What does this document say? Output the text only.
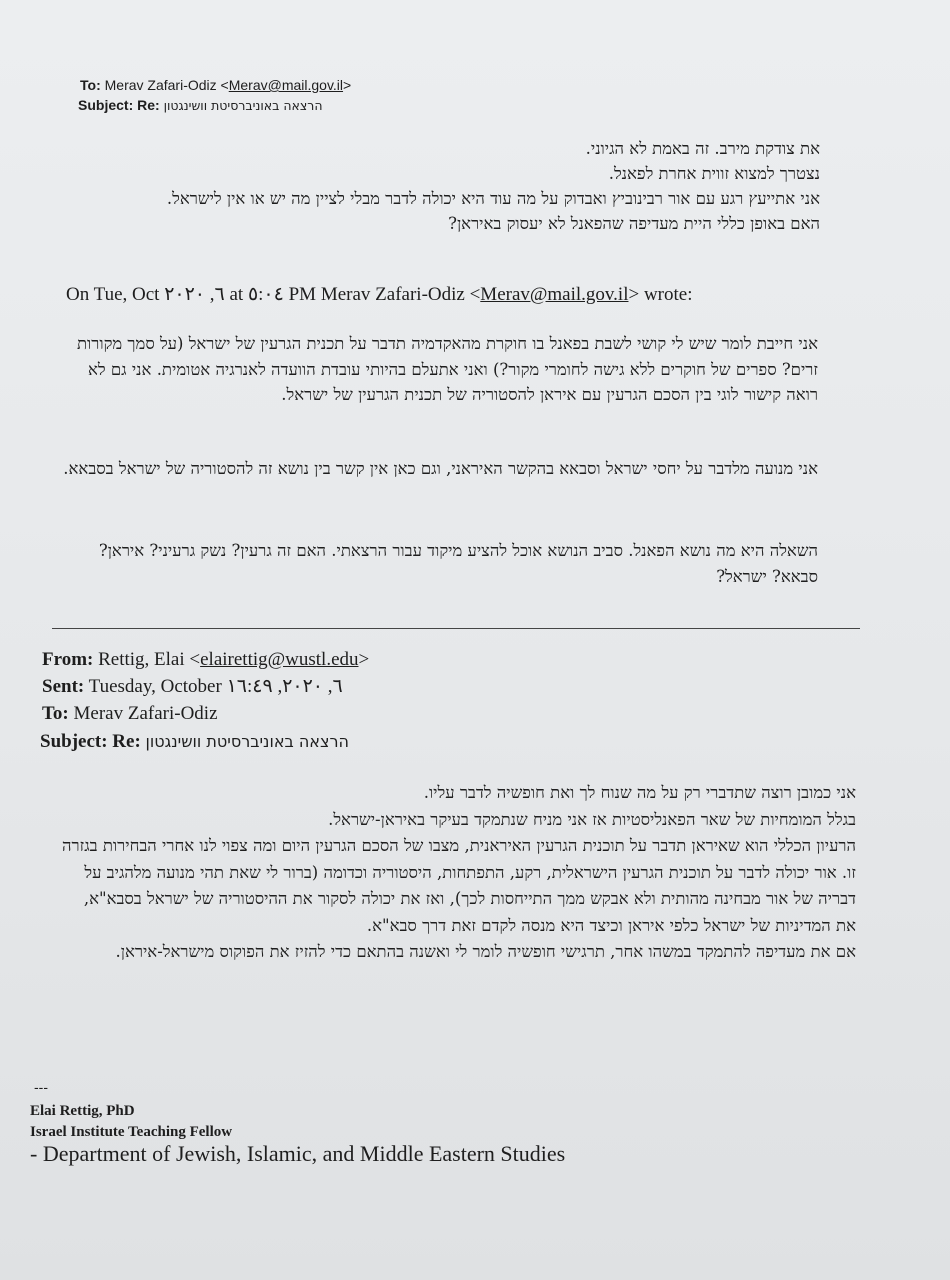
To: Merav Zafari-Odiz <Merav@mail.gov.il>
Subject: Re: הרצאה באוניברסיטת וושינגטון

את צודקת מירב. זה באמת לא הגיוני.

נצטרך למצוא זווית אחרת לפאנל.

אני אתייעץ רגע עם אור רבינוביץ ואבדוק על מה עוד היא יכולה לדבר מבלי לציין מה יש או אין לישראל.

האם באופן כללי היית מעדיפה שהפאנל לא יעסוק באיראן?

On Tue, Oct ٦, ٢٠٢٠ at ٥:٠٤ PM Merav Zafari-Odiz <Merav@mail.gov.il> wrote:
אני חייבת לומר שיש לי קושי לשבת בפאנל בו חוקרת מהאקדמיה תדבר על תכנית הגרעין של ישראל (על סמך מקורות זרים? ספרים של חוקרים ללא גישה לחומרי מקור?) ואני אתעלם בהיותי עובדת הוועדה לאנרגיה אטומית. אני גם לא רואה קישור לוגי בין הסכם הגרעין עם איראן להסטוריה של תכנית הגרעין של ישראל.
אני מנועה מלדבר על יחסי ישראל וסבאא בהקשר האיראני, וגם כאן אין קשר בין נושא זה להסטוריה של ישראל בסבאא.
השאלה היא מה נושא הפאנל. סביב הנושא אוכל להציע מיקוד עבור הרצאתי. האם זה גרעין? נשק גרעיני? איראן? סבאא? ישראל?
From: Rettig, Elai <elairettig@wustl.edu>
Sent: Tuesday, October ٦, ٢٠٢٠, ١٦:٤٩
To: Merav Zafari-Odiz
Subject: Re: הרצאה באוניברסיטת וושינגטון

אני כמובן רוצה שתדברי רק על מה שנוח לך ואת חופשיה לדבר עליו.

בגלל המומחיות של שאר הפאנליסטיות אז אני מניח שנתמקד בעיקר באיראן-ישראל.

הרעיון הכללי הוא שאיראן תדבר על תוכנית הגרעין האיראנית, מצבו של הסכם הגרעין היום ומה צפוי לנו אחרי הבחירות בגזרה זו. אור יכולה לדבר על תוכנית הגרעין הישראלית, רקע, התפתחות, היסטוריה וכדומה (ברור לי שאת תהי מנועה מלהגיב על דבריה של אור מבחינה מהותית ולא אבקש ממך התייחסות לכך), ואז את יכולה לסקור את ההיסטוריה של ישראל בסבא"א, את המדיניות של ישראל כלפי איראן וכיצד היא מנסה לקדם זאת דרך סבא"א.

אם את מעדיפה להתמקד במשהו אחר, תרגישי חופשיה לומר לי ואשנה בהתאם כדי להזיז את הפוקוס מישראל-איראן.

---
Elai Rettig, PhD
Israel Institute Teaching Fellow
- Department of Jewish, Islamic, and Middle Eastern Studies
